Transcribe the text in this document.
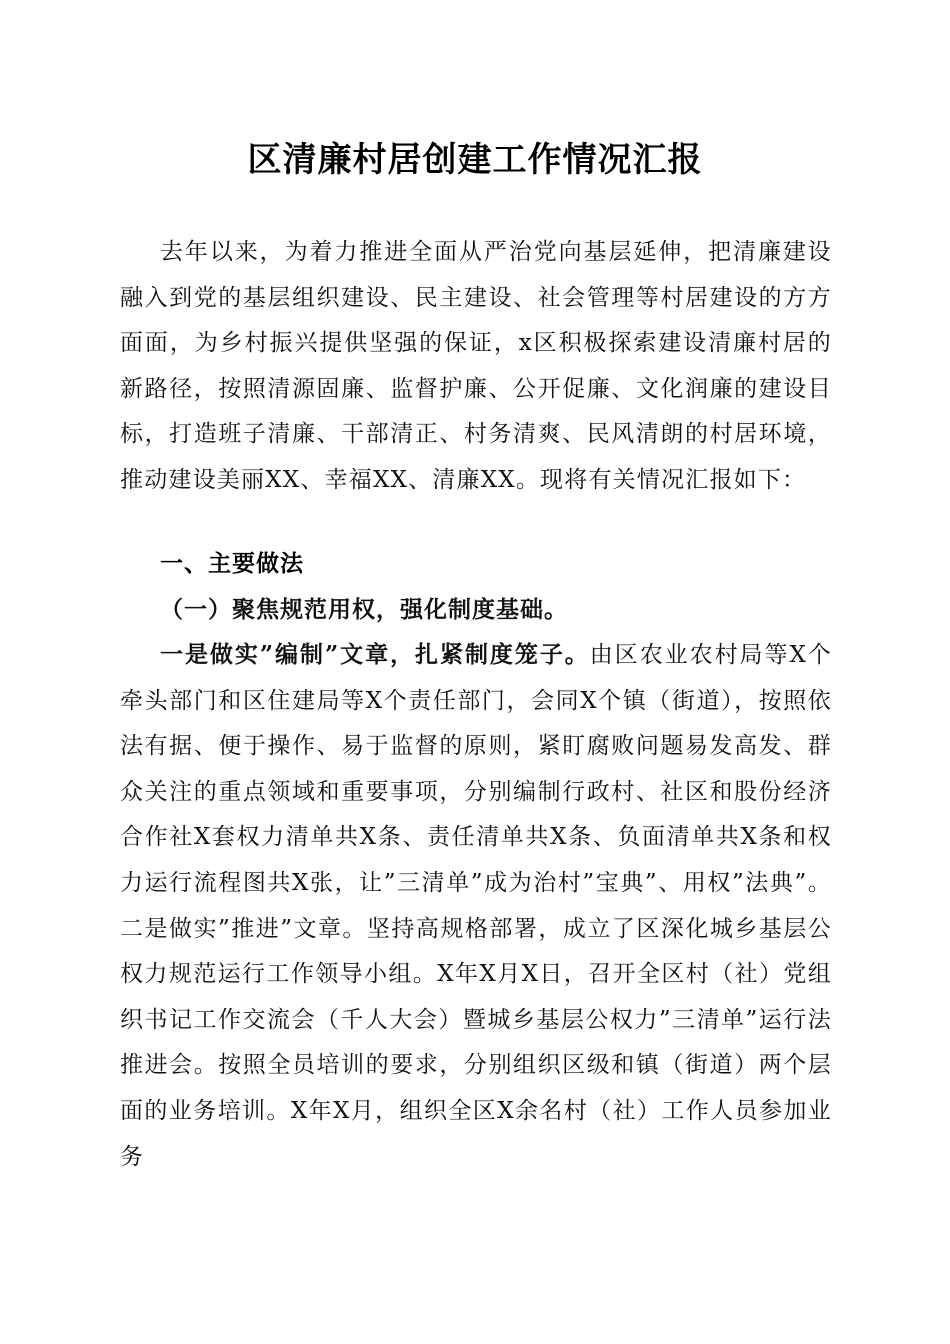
区清廉村居创建工作情况汇报

去年以来，为着力推进全面从严治党向基层延伸，把清廉建设融入到党的基层组织建设、民主建设、社会管理等村居建设的方方面面，为乡村振兴提供坚强的保证，x区积极探索建设清廉村居的新路径，按照清源固廉、监督护廉、公开促廉、文化润廉的建设目标，打造班子清廉、干部清正、村务清爽、民风清朗的村居环境，推动建设美丽XX、幸福XX、清廉XX。现将有关情况汇报如下：

一、主要做法
（一）聚焦规范用权，强化制度基础。

一是做实”编制”文章，扎紧制度笼子。由区农业农村局等X个牵头部门和区住建局等X个责任部门，会同X个镇（街道），按照依法有据、便于操作、易于监督的原则，紧盯腐败问题易发高发、群众关注的重点领域和重要事项，分别编制行政村、社区和股份经济合作社X套权力清单共X条、责任清单共X条、负面清单共X条和权力运行流程图共X张，让”三清单”成为治村”宝典”、用权”法典”。二是做实”推进”文章。坚持高规格部署，成立了区深化城乡基层公权力规范运行工作领导小组。X年X月X日，召开全区村（社）党组织书记工作交流会（千人大会）暨城乡基层公权力”三清单”运行法推进会。按照全员培训的要求，分别组织区级和镇（街道）两个层面的业务培训。X年X月，组织全区X余名村（社）工作人员参加业务
